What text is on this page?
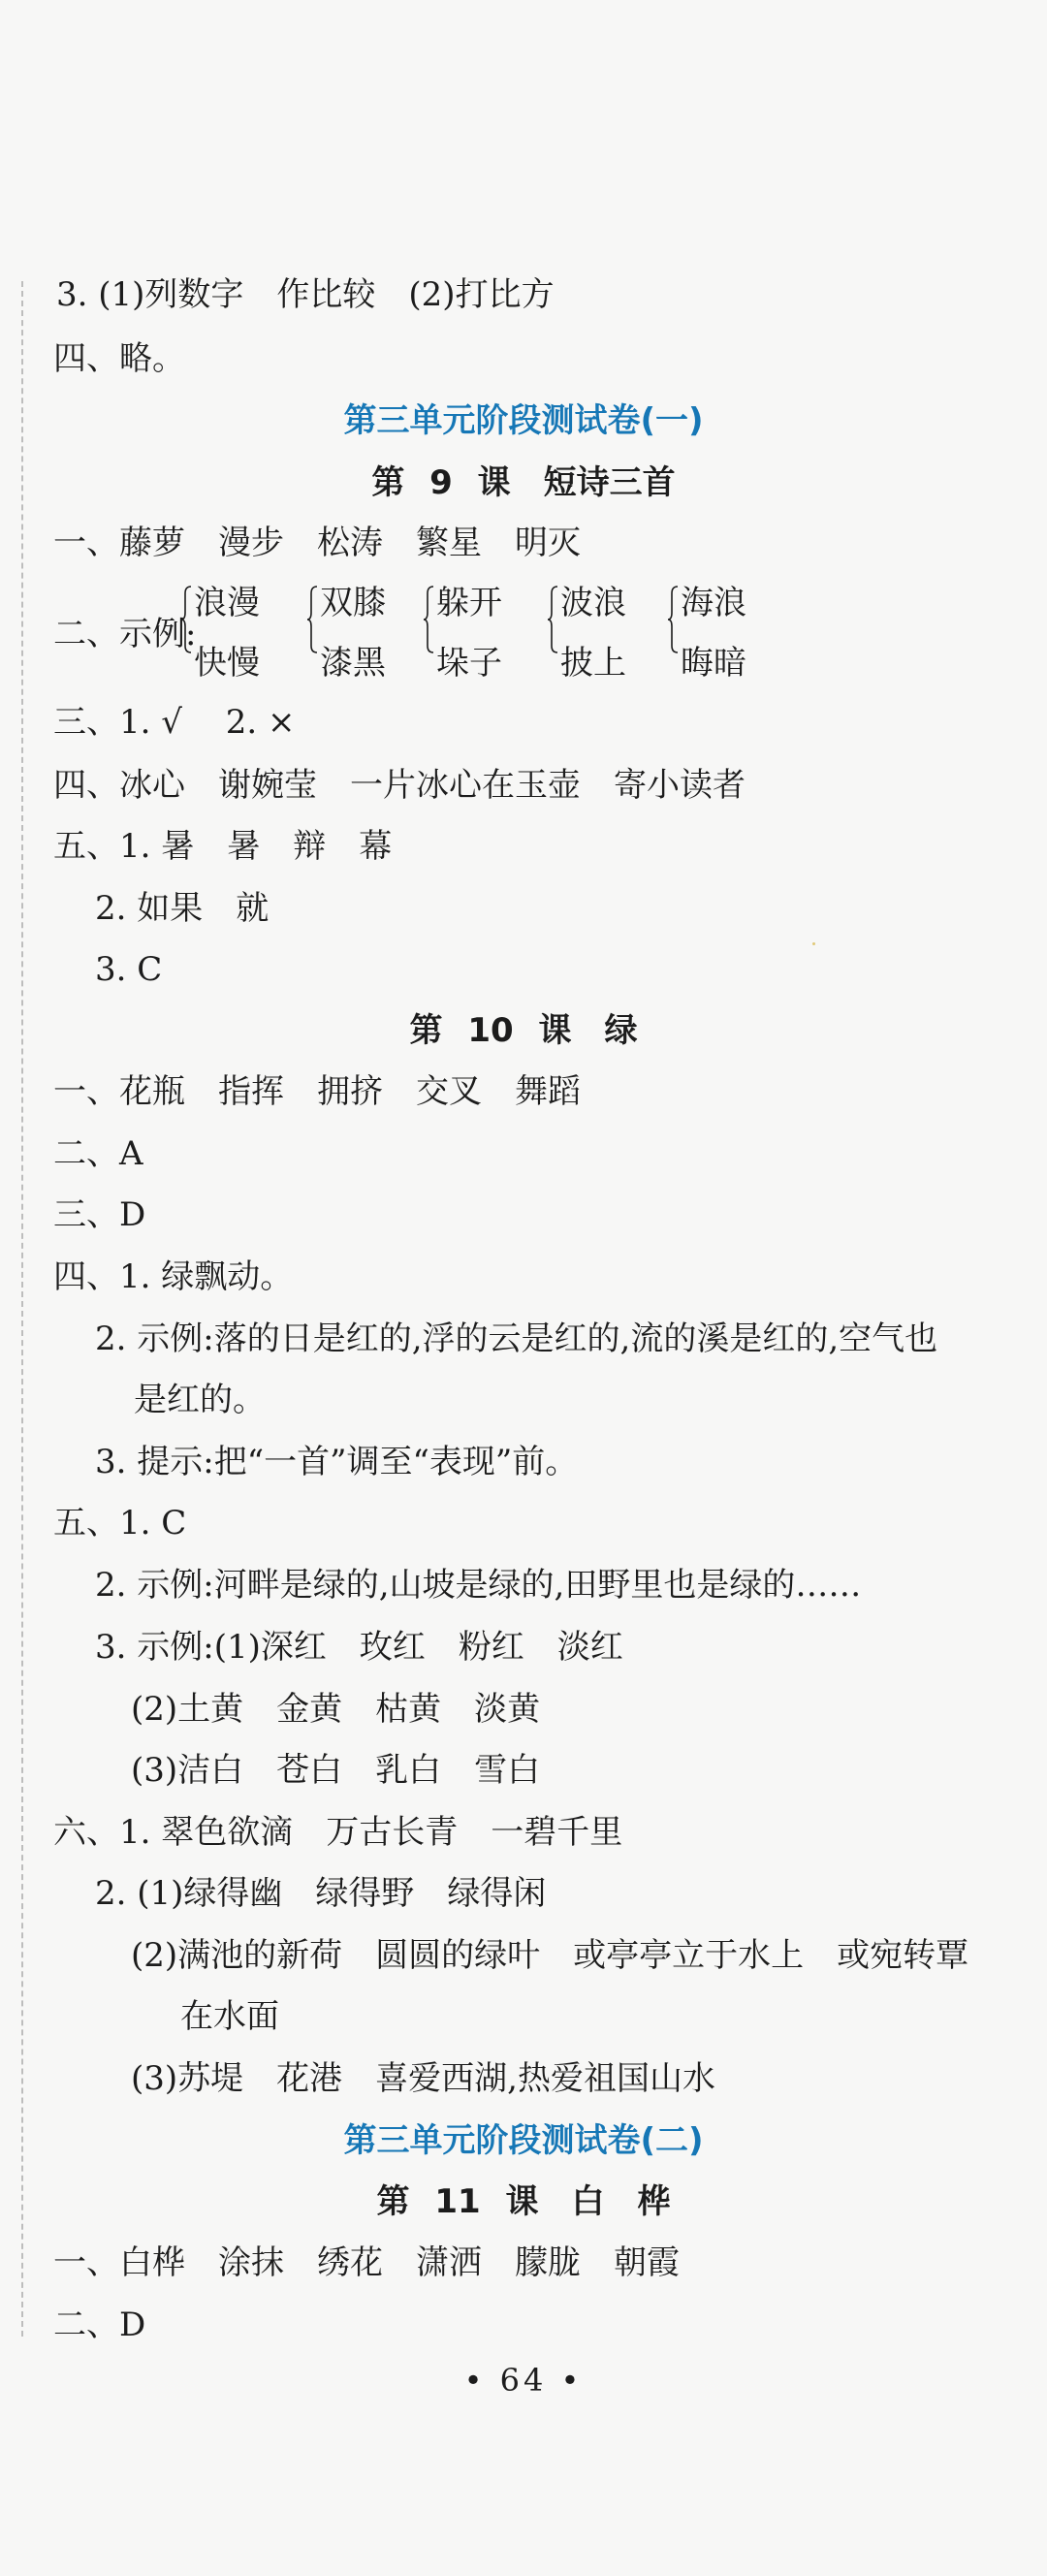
3. (1)列数字　作比较　(2)打比方
四、略。
第三单元阶段测试卷(一)
第 9 课　短诗三首
一、藤萝　漫步　松涛　繁星　明灭
二、示例:
浪漫
快慢
双膝
漆黑
躲开
垛子
波浪
披上
海浪
晦暗
三、1. √　 2. ×
四、冰心　谢婉莹　一片冰心在玉壶　寄小读者
五、1. 暑　暑　辩　幕
2. 如果　就
3. C
第 10 课　绿
一、花瓶　指挥　拥挤　交叉　舞蹈
二、A
三、D
四、1. 绿飘动。
2. 示例:落的日是红的,浮的云是红的,流的溪是红的,空气也
是红的。
3. 提示:把“一首”调至“表现”前。
五、1. C
2. 示例:河畔是绿的,山坡是绿的,田野里也是绿的……
3. 示例:(1)深红　玫红　粉红　淡红
(2)土黄　金黄　枯黄　淡黄
(3)洁白　苍白　乳白　雪白
六、1. 翠色欲滴　万古长青　一碧千里
2. (1)绿得幽　绿得野　绿得闲
(2)满池的新荷　圆圆的绿叶　或亭亭立于水上　或宛转覃
在水面
(3)苏堤　花港　喜爱西湖,热爱祖国山水
第三单元阶段测试卷(二)
第 11 课　白　桦
一、白桦　涂抹　绣花　潇洒　朦胧　朝霞
二、D
• 64 •
